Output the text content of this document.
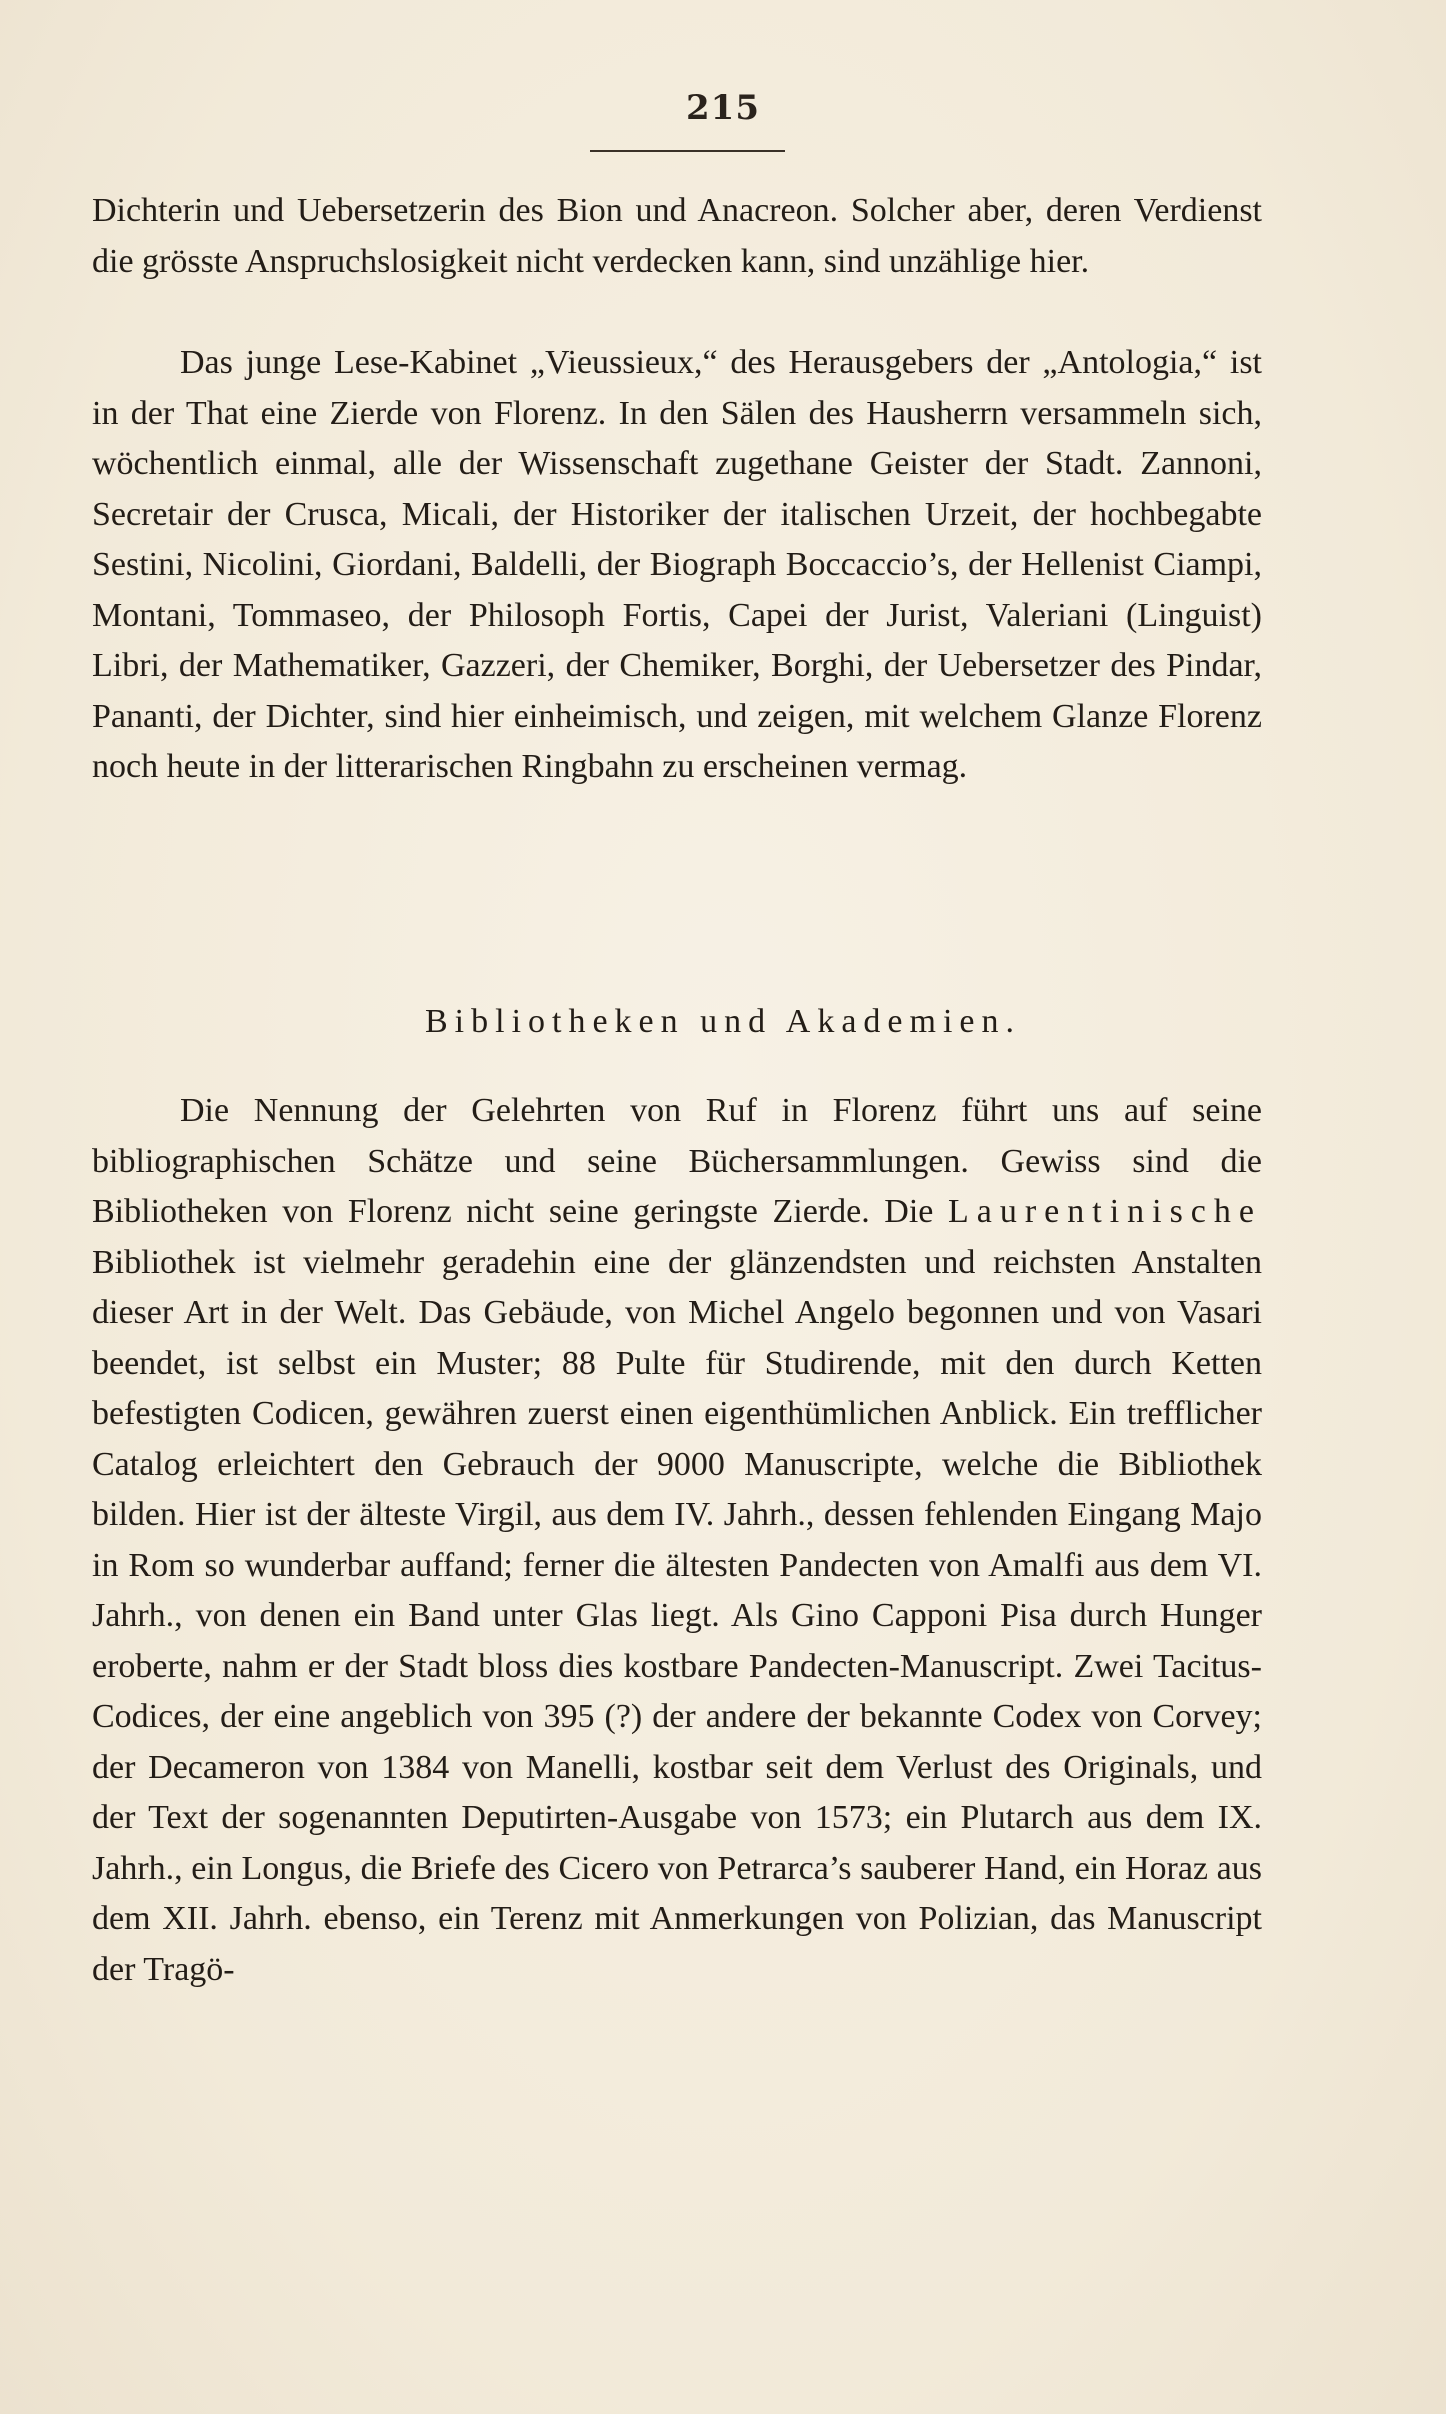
215
Dichterin und Uebersetzerin des Bion und Anacreon. Solcher aber, deren Verdienst die grösste Anspruchslosigkeit nicht verdecken kann, sind unzählige hier.
Das junge Lese-Kabinet „Vieussieux,“ des Herausgebers der „Antologia,“ ist in der That eine Zierde von Florenz. In den Sälen des Hausherrn versammeln sich, wöchentlich einmal, alle der Wissenschaft zugethane Geister der Stadt. Zannoni, Secretair der Crusca, Micali, der Historiker der italischen Urzeit, der hochbegabte Sestini, Nicolini, Giordani, Baldelli, der Biograph Boccaccio’s, der Hellenist Ciampi, Montani, Tommaseo, der Philosoph Fortis, Capei der Jurist, Valeriani (Linguist) Libri, der Mathematiker, Gazzeri, der Chemiker, Borghi, der Uebersetzer des Pindar, Pananti, der Dichter, sind hier einheimisch, und zeigen, mit welchem Glanze Florenz noch heute in der litterarischen Ringbahn zu erscheinen vermag.
Bibliotheken und Akademien.
Die Nennung der Gelehrten von Ruf in Florenz führt uns auf seine bibliographischen Schätze und seine Büchersammlungen. Gewiss sind die Bibliotheken von Florenz nicht seine geringste Zierde. Die Laurentinische Bibliothek ist vielmehr geradehin eine der glänzendsten und reichsten Anstalten dieser Art in der Welt. Das Gebäude, von Michel Angelo begonnen und von Vasari beendet, ist selbst ein Muster; 88 Pulte für Studirende, mit den durch Ketten befestigten Codicen, gewähren zuerst einen eigenthümlichen Anblick. Ein trefflicher Catalog erleichtert den Gebrauch der 9000 Manuscripte, welche die Bibliothek bilden. Hier ist der älteste Virgil, aus dem IV. Jahrh., dessen fehlenden Eingang Majo in Rom so wunderbar auffand; ferner die ältesten Pandecten von Amalfi aus dem VI. Jahrh., von denen ein Band unter Glas liegt. Als Gino Capponi Pisa durch Hunger eroberte, nahm er der Stadt bloss dies kostbare Pandecten-Manuscript. Zwei Tacitus-Codices, der eine angeblich von 395 (?) der andere der bekannte Codex von Corvey; der Decameron von 1384 von Manelli, kostbar seit dem Verlust des Originals, und der Text der sogenannten Deputirten-Ausgabe von 1573; ein Plutarch aus dem IX. Jahrh., ein Longus, die Briefe des Cicero von Petrarca’s sauberer Hand, ein Horaz aus dem XII. Jahrh. ebenso, ein Terenz mit Anmerkungen von Polizian, das Manuscript der Tragö-
